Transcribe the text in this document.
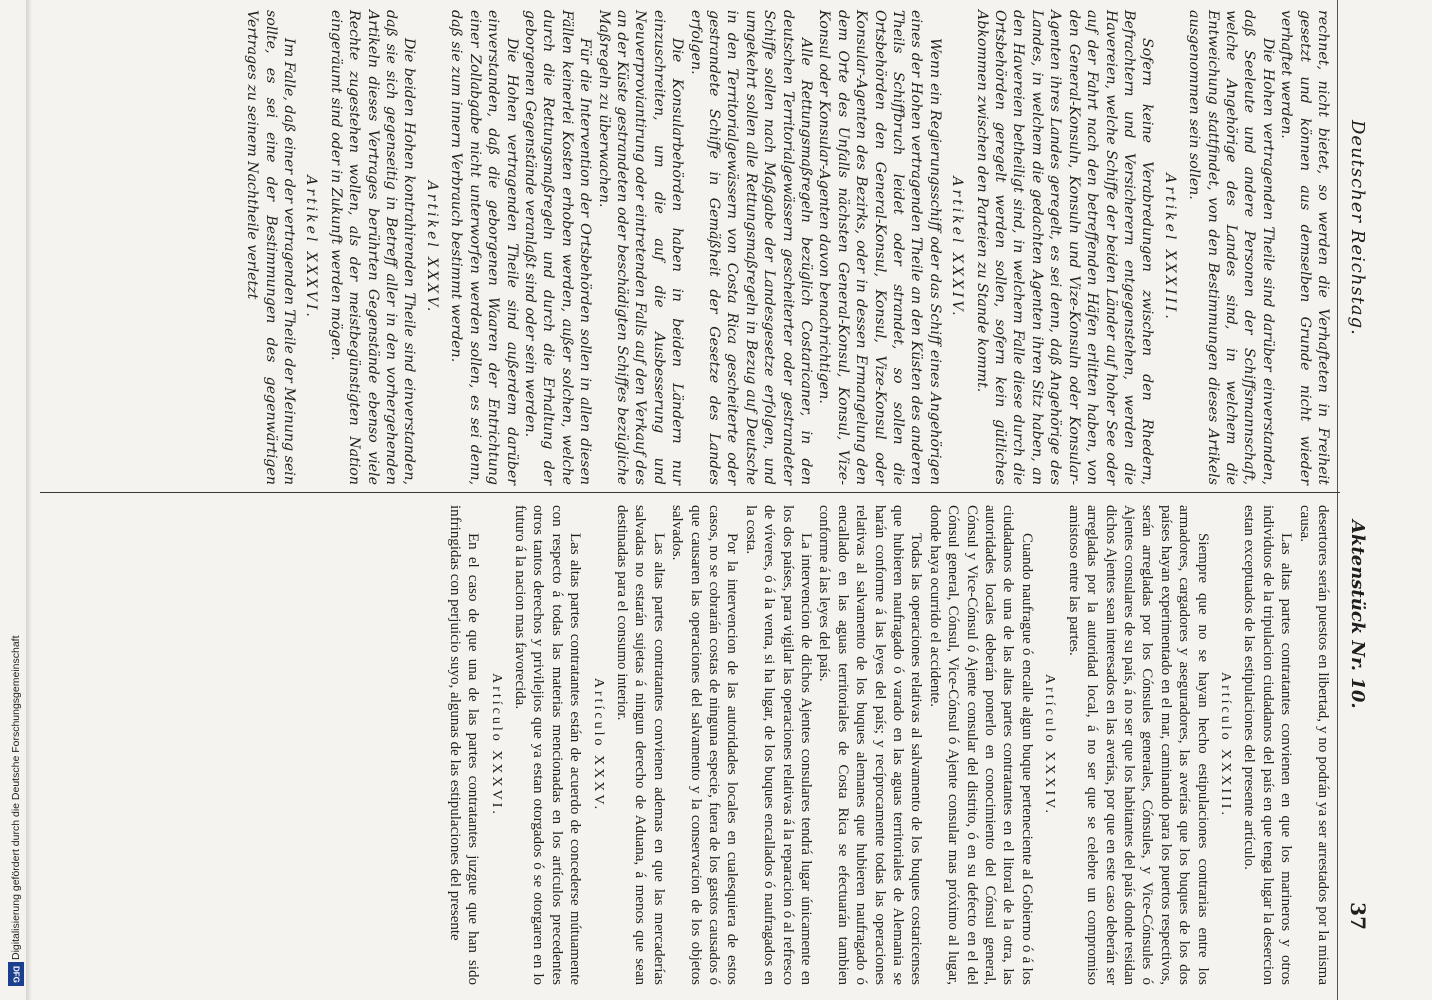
Digitalisierung gefördert durch die Deutsche Forschungsgemeinschaft
DFG
Deutscher Reichstag.
Aktenstück Nr. 10.
37

rechnet, nicht bietet, so werden die Verhafteten in Freiheit gesetzt und können aus demselben Grunde nicht wieder verhaftet werden.

Die Hohen vertragenden Theile sind darüber einverstanden, daß Seeleute und andere Personen der Schiffsmannschaft, welche Angehörige des Landes sind, in welchem die Entweichung stattfindet, von den Bestimmungen dieses Artikels ausgenommen sein sollen.

Artikel XXXIII.

Sofern keine Verabredungen zwischen den Rhedern, Befrachtern und Versicherern entgegenstehen, werden die Havereien, welche Schiffe der beiden Länder auf hoher See oder auf der Fahrt nach den betreffenden Häfen erlitten haben, von den General-Konsuln, Konsuln und Vize-Konsuln oder Konsular-Agenten ihres Landes geregelt, es sei denn, daß Angehörige des Landes, in welchem die gedachten Agenten ihren Sitz haben, an den Havereien betheiligt sind, in welchem Falle diese durch die Ortsbehörden geregelt werden sollen, sofern kein gütliches Abkommen zwischen den Parteien zu Stande kommt.

Artikel XXXIV.

Wenn ein Regierungsschiff oder das Schiff eines Angehörigen eines der Hohen vertragenden Theile an den Küsten des anderen Theils Schiffbruch leidet oder strandet, so sollen die Ortsbehörden den General-Konsul, Konsul, Vize-Konsul oder Konsular-Agenten des Bezirks, oder in dessen Ermangelung den dem Orte des Unfalls nächsten General-Konsul, Konsul, Vize-Konsul oder Konsular-Agenten davon benachrichtigen.

Alle Rettungsmaßregeln bezüglich Costaricaner, in den deutschen Territorialgewässern gescheiterter oder gestrandeter Schiffe sollen nach Maßgabe der Landesgesetze erfolgen, und umgekehrt sollen alle Rettungsmaßregeln in Bezug auf Deutsche in den Territorialgewässern von Costa Rica gescheiterte oder gestrandete Schiffe in Gemäßheit der Gesetze des Landes erfolgen.

Die Konsularbehörden haben in beiden Ländern nur einzuschreiten, um die auf die Ausbesserung und Neuverproviantirung oder eintretenden Falls auf den Verkauf des an der Küste gestrandeten oder beschädigten Schiffes bezügliche Maßregeln zu überwachen.

Für die Intervention der Ortsbehörden sollen in allen diesen Fällen keinerlei Kosten erhoben werden, außer solchen, welche durch die Rettungsmaßregeln und durch die Erhaltung der geborgenen Gegenstände veranlaßt sind oder sein werden.

Die Hohen vertragenden Theile sind außerdem darüber einverstanden, daß die geborgenen Waaren der Entrichtung einer Zollabgabe nicht unterworfen werden sollen, es sei denn, daß sie zum innern Verbrauch bestimmt werden.

Artikel XXXV.

Die beiden Hohen kontrahirenden Theile sind einverstanden, daß sie sich gegenseitig in Betreff aller in den vorhergehenden Artikeln dieses Vertrages berührten Gegenstände ebenso viele Rechte zugestehen wollen, als der meistbegünstigten Nation eingeräumt sind oder in Zukunft werden mögen.

Artikel XXXVI.

Im Falle, daß einer der vertragenden Theile der Meinung sein sollte, es sei eine der Bestimmungen des gegenwärtigen Vertrages zu seinem Nachtheile verletzt

desertores serán puestos en libertad, y no podrán ya ser arrestados por la misma causa.

Las altas partes contratantes convienen en que los marineros y otros individuos de la tripulacion ciudadanos del país en que tenga lugar la desercion estan exceptuados de las estipulaciones del presente artículo.

Artículo XXXIII.

Siempre que no se hayan hecho estipulaciones contrarias entre los armadores, cargadores y aseguradores, las averías que los buques de los dos países hayan experimentado en el mar, caminando para los puertos respectivos, serán arregladas por los Cónsules generales, Cónsules, y Vice-Cónsules ó Ajentes consulares de su país, á no ser que los habitantes del país donde residan dichos Ajentes sean interesados en las averías, por que en este caso deberán ser arregladas por la autoridad local, á no ser que se celebre un compromiso amistoso entre las partes.

Artículo XXXIV.

Cuando naufrague ó encalle algun buque perteneciente al Gobierno ó á los ciudadanos de una de las altas partes contratantes en el litoral de la otra, las autoridades locales deberán ponerlo en conocimiento del Cónsul general, Cónsul y Vice-Cónsul ó Ajente consular del distrito, ó en su defecto en el del Cónsul general, Cónsul, Vice-Cónsul ó Ajente consular mas próximo al lugar, donde haya ocurrido el accidente.

Todas las operaciones relativas al salvamento de los buques costaricenses que hubieren naufragado ó varado en las aguas territoriales de Alemania se harán conforme á las leyes del país; y recíprocamente todas las operaciones relativas al salvamento de los buques alemanes que hubieren naufragado ó encallado en las aguas territoriales de Costa Rica se efectuarán tambien conforme á las leyes del país.

La intervencion de dichos Ajentes consulares tendrá lugar únicamente en los dos países, para vigilar las operaciones relativas á la reparacion ó al refresco de víveres, ó á la venta, si ha lugar, de los buques encallados ó naufragados en la costa.

Por la intervencion de las autoridades locales en cualesquiera de estos casos, no se cobrarán costas de ninguna especie, fuera de los gastos causados ó que causaren las operaciones del salvamento y la conservacion de los objetos salvados.

Las altas partes contratantes convienen ademas en que las mercaderías salvadas no estarán sujetas á ningun derecho de Aduana, á menos que sean destinadas para el consumo interior.

Artículo XXXV.

Las altas partes contratantes están de acuerdo de concederse mútuamente con respecto á todas las materias mencionadas en los artículos precedentes otros tantos derechos y privilejios que ya estan otorgados ó se otorgaren en lo futuro á la nacion mas favorecida.

Artículo XXXVI.

En el caso de que una de las partes contratantes juzgue que han sido infringidas con perjuicio suyo, algunas de las estipulaciones del presente
